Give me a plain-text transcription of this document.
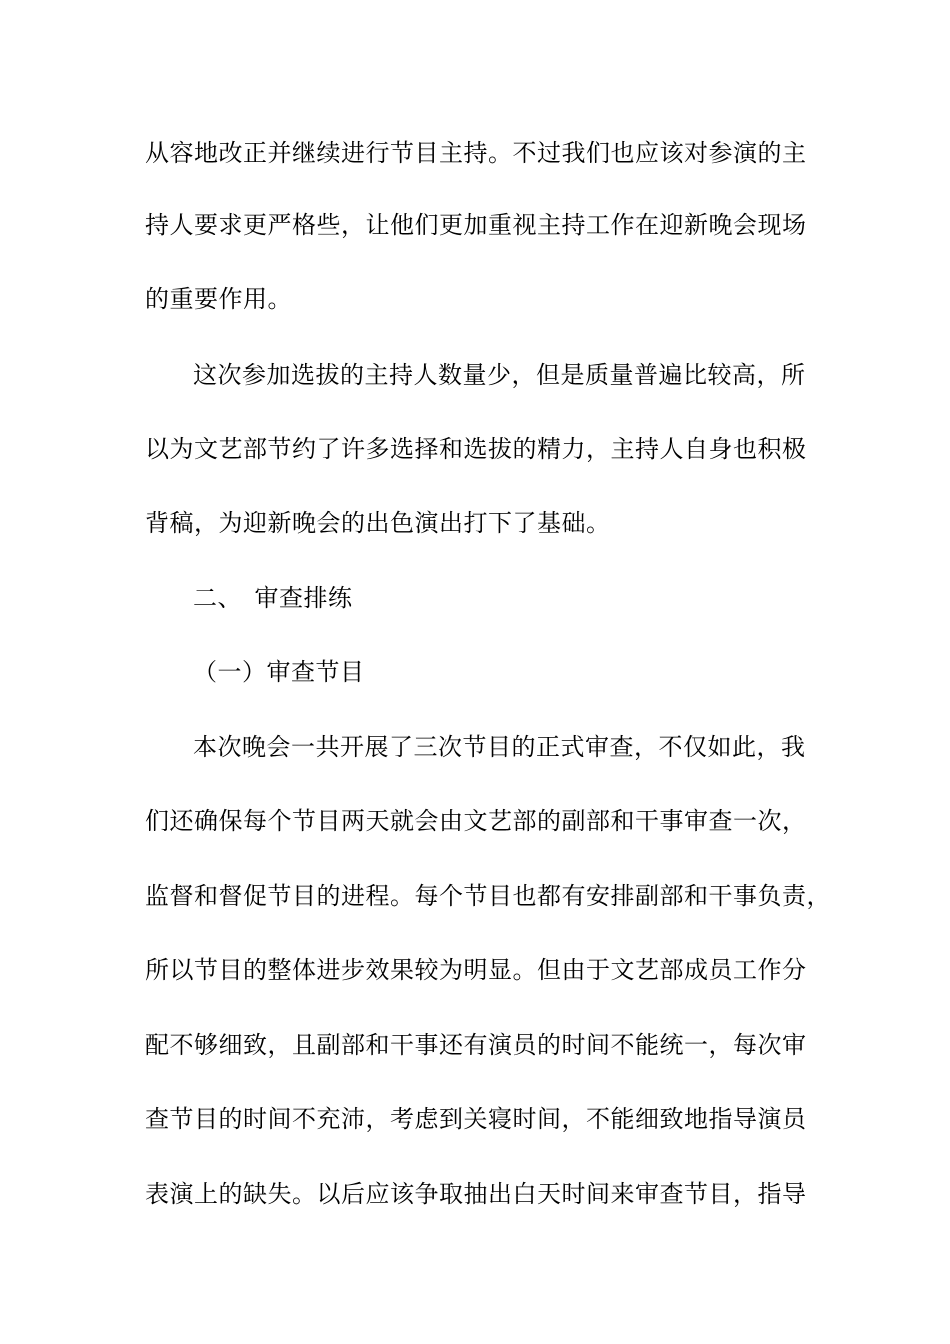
从容地改正并继续进行节目主持。不过我们也应该对参演的主
持人要求更严格些，让他们更加重视主持工作在迎新晚会现场
的重要作用。
这次参加选拔的主持人数量少，但是质量普遍比较高，所
以为文艺部节约了许多选择和选拔的精力，主持人自身也积极
背稿，为迎新晚会的出色演出打下了基础。
二、　审查排练
（一）审查节目
本次晚会一共开展了三次节目的正式审查，不仅如此，我
们还确保每个节目两天就会由文艺部的副部和干事审查一次，
监督和督促节目的进程。每个节目也都有安排副部和干事负责，
所以节目的整体进步效果较为明显。但由于文艺部成员工作分
配不够细致，且副部和干事还有演员的时间不能统一，每次审
查节目的时间不充沛，考虑到关寝时间，不能细致地指导演员
表演上的缺失。以后应该争取抽出白天时间来审查节目，指导
